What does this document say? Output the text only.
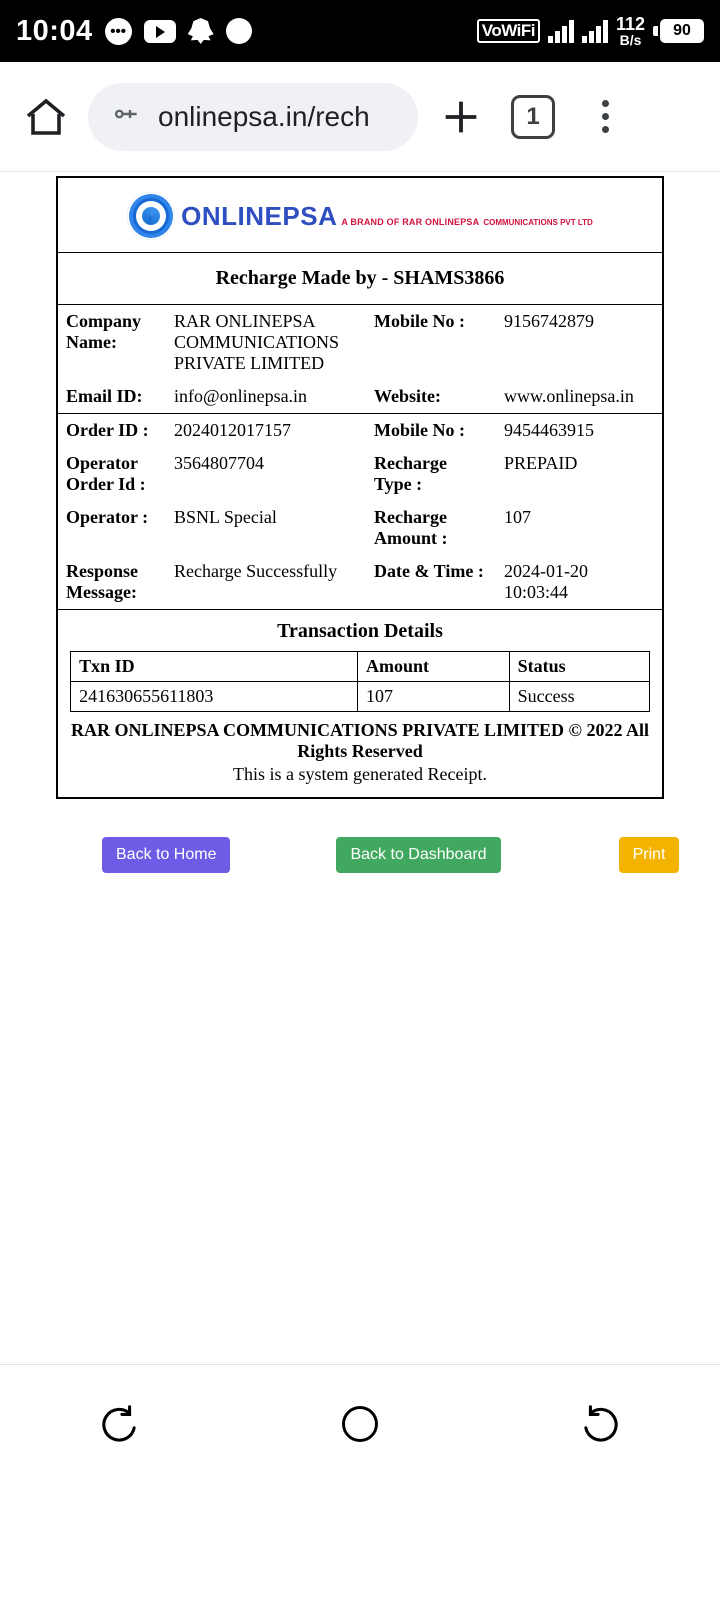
10:04	•••	VoWiFi	112
B/s
90
onlinepsa.in/rech	1
ONLINEPSA A BRAND OF RAR ONLINEPSA COMMUNICATIONS PVT LTD
Recharge Made by - SHAMS3866
Company Name:	RAR ONLINEPSA COMMUNICATIONS PRIVATE LIMITED	Mobile No :	9156742879
Email ID:	info@onlinepsa.in	Website:	www.onlinepsa.in
Order ID :	2024012017157	Mobile No :	9454463915
Operator Order Id :	3564807704	Recharge Type :	PREPAID
Operator :	BSNL Special	Recharge Amount :	107
Response Message:	Recharge Successfully	Date & Time :	2024-01-20 10:03:44
Transaction Details
Txn ID	Amount	Status
241630655611803	107	Success
RAR ONLINEPSA COMMUNICATIONS PRIVATE LIMITED © 2022 All Rights Reserved
This is a system generated Receipt.
Back to Home	Back to Dashboard	Print
